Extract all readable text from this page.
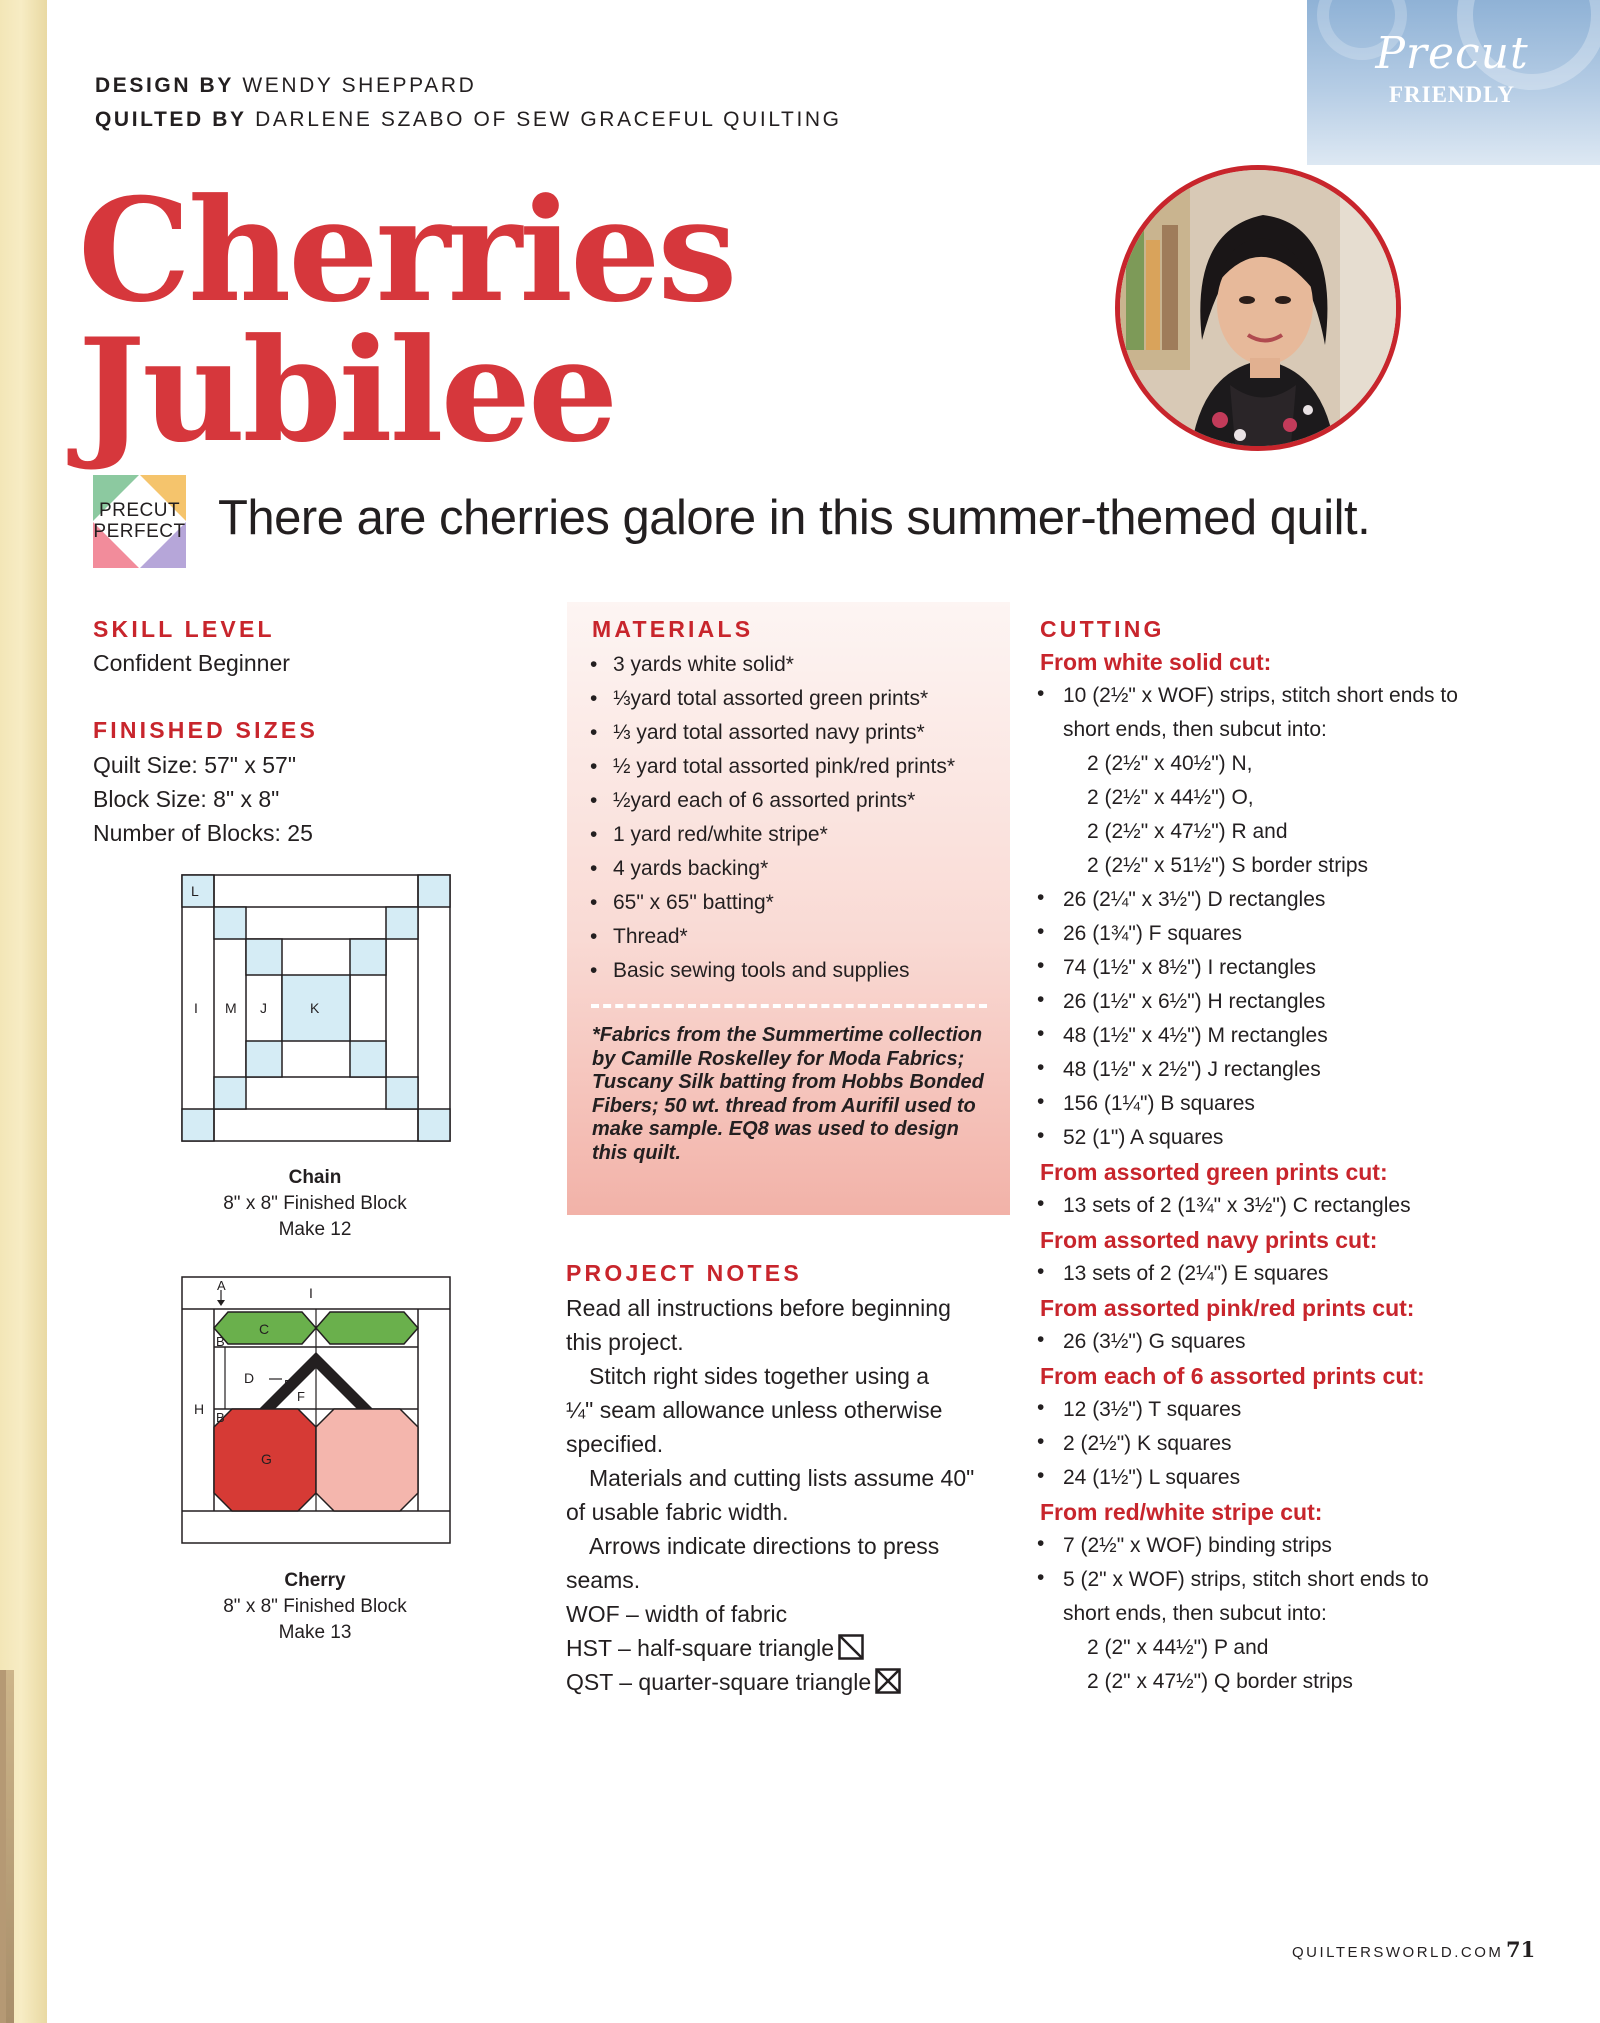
Precut
FRIENDLY
DESIGN BY WENDY SHEPPARD
QUILTED BY DARLENE SZABO OF SEW GRACEFUL QUILTING
Cherries
Jubilee
PRECUT
PERFECT There are cherries galore in this summer-themed quilt.
SKILL LEVEL
Confident Beginner
FINISHED SIZES
Quilt Size: 57" x 57"
Block Size: 8" x 8"
Number of Blocks: 25
L
I M J	K
Chain
8" x 8" Finished Block
Make 12
A	I
B
C
D E
F
H
B
G
Cherry
8" x 8" Finished Block
Make 13
MATERIALS
• 3 yards white solid*
• ⅓yard total assorted green prints*
• ⅓ yard total assorted navy prints*
• ½ yard total assorted pink/red prints*
• ½yard each of 6 assorted prints*
• 1 yard red/white stripe*
• 4 yards backing*
• 65" x 65" batting*
• Thread*
• Basic sewing tools and supplies
*Fabrics from the Summertime collection by Camille Roskelley for Moda Fabrics; Tuscany Silk batting from Hobbs Bonded Fibers; 50 wt. thread from Aurifil used to make sample. EQ8 was used to design this quilt.
PROJECT NOTES
Read all instructions before beginning
this project.
Stitch right sides together using a
¼" seam allowance unless otherwise
specified.
Materials and cutting lists assume 40"
of usable fabric width.
Arrows indicate directions to press
seams.
WOF – width of fabric
HST – half-square triangle
QST – quarter-square triangle
CUTTING
From white solid cut:
• 10 (2½" x WOF) strips, stitch short ends to
short ends, then subcut into:
2 (2½" x 40½") N,
2 (2½" x 44½") O,
2 (2½" x 47½") R and
2 (2½" x 51½") S border strips
• 26 (2¼" x 3½") D rectangles
• 26 (1¾") F squares
• 74 (1½" x 8½") I rectangles
• 26 (1½" x 6½") H rectangles
• 48 (1½" x 4½") M rectangles
• 48 (1½" x 2½") J rectangles
• 156 (1¼") B squares
• 52 (1") A squares
From assorted green prints cut:
• 13 sets of 2 (1¾" x 3½") C rectangles
From assorted navy prints cut:
• 13 sets of 2 (2¼") E squares
From assorted pink/red prints cut:
• 26 (3½") G squares
From each of 6 assorted prints cut:
• 12 (3½") T squares
• 2 (2½") K squares
• 24 (1½") L squares
From red/white stripe cut:
• 7 (2½" x WOF) binding strips
• 5 (2" x WOF) strips, stitch short ends to
short ends, then subcut into:
2 (2" x 44½") P and
2 (2" x 47½") Q border strips
QUILTERSWORLD.COM 71
